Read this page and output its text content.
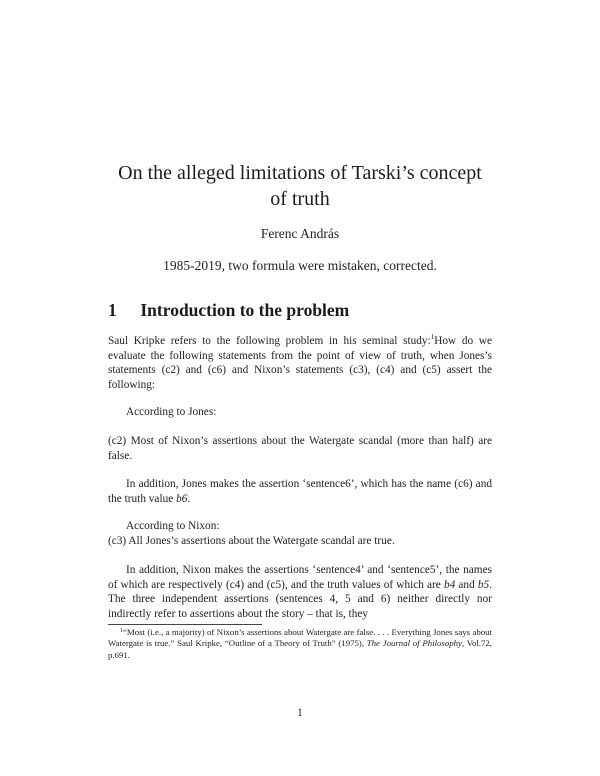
On the alleged limitations of Tarski’s concept
of truth
Ferenc András
1985-2019, two formula were mistaken, corrected.
1 Introduction to the problem
Saul Kripke refers to the following problem in his seminal study:$^1$How do we evaluate the following statements from the point of view of truth, when Jones’s statements (c2) and (c6) and Nixon’s statements (c3), (c4) and (c5) assert the following:
According to Jones:
(c2) Most of Nixon’s assertions about the Watergate scandal (more than half) are false.
In addition, Jones makes the assertion ‘sentence6’, which has the name (c6) and the truth value b6.
According to Nixon:
(c3) All Jones’s assertions about the Watergate scandal are true.
In addition, Nixon makes the assertions ‘sentence4’ and ‘sentence5’, the names of which are respectively (c4) and (c5), and the truth values of which are b4 and b5. The three independent assertions (sentences 4, 5 and 6) neither directly nor indirectly refer to assertions about the story – that is, they
$^1$“Most (i.e., a majority) of Nixon’s assertions about Watergate are false. . . . Everything Jones says about Watergate is true.” Saul Kripke, “Outline of a Theory of Truth” (1975), The Journal of Philosophy, Vol.72, p.691.
1
